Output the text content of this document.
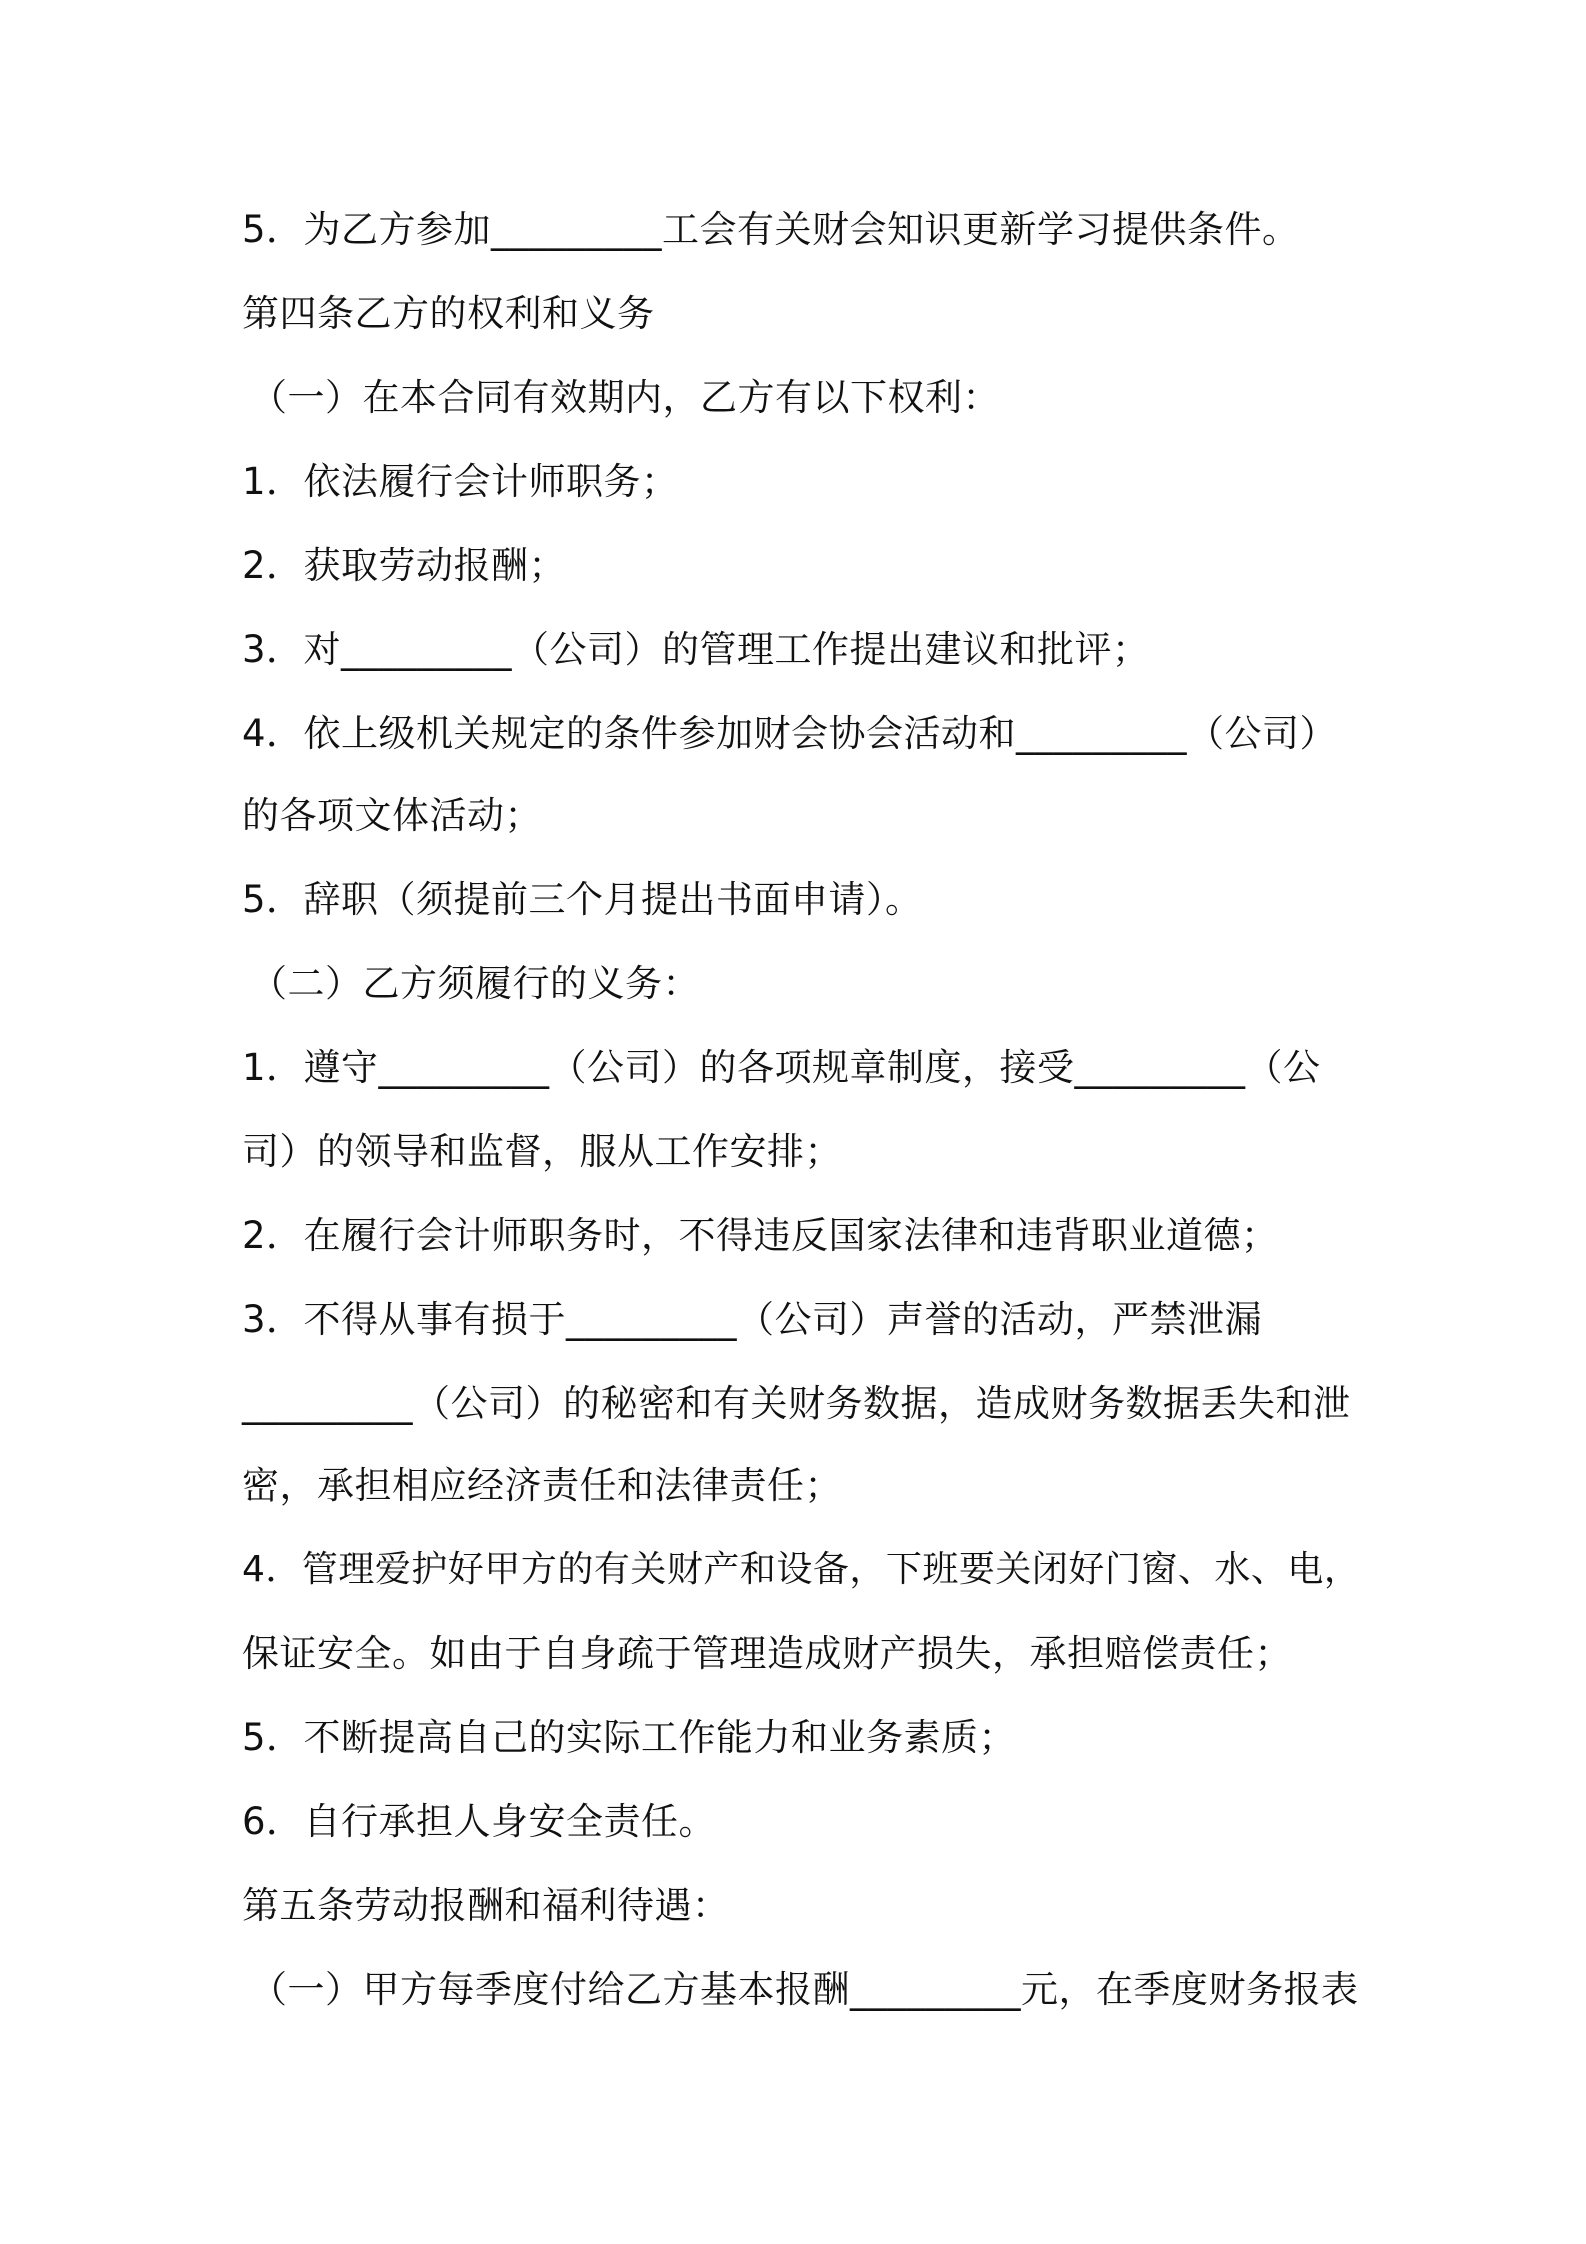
5．为乙方参加_________工会有关财会知识更新学习提供条件。
第四条乙方的权利和义务
（一）在本合同有效期内，乙方有以下权利：
1．依法履行会计师职务；
2．获取劳动报酬；
3．对_________（公司）的管理工作提出建议和批评；
4．依上级机关规定的条件参加财会协会活动和_________（公司）
的各项文体活动；
5．辞职（须提前三个月提出书面申请）。
（二）乙方须履行的义务：
1．遵守_________（公司）的各项规章制度，接受_________（公
司）的领导和监督，服从工作安排；
2．在履行会计师职务时，不得违反国家法律和违背职业道德；
3．不得从事有损于_________（公司）声誉的活动，严禁泄漏
_________（公司）的秘密和有关财务数据，造成财务数据丢失和泄
密，承担相应经济责任和法律责任；
4．管理爱护好甲方的有关财产和设备，下班要关闭好门窗、水、电，
保证安全。如由于自身疏于管理造成财产损失，承担赔偿责任；
5．不断提高自己的实际工作能力和业务素质；
6．自行承担人身安全责任。
第五条劳动报酬和福利待遇：
（一）甲方每季度付给乙方基本报酬_________元，在季度财务报表
